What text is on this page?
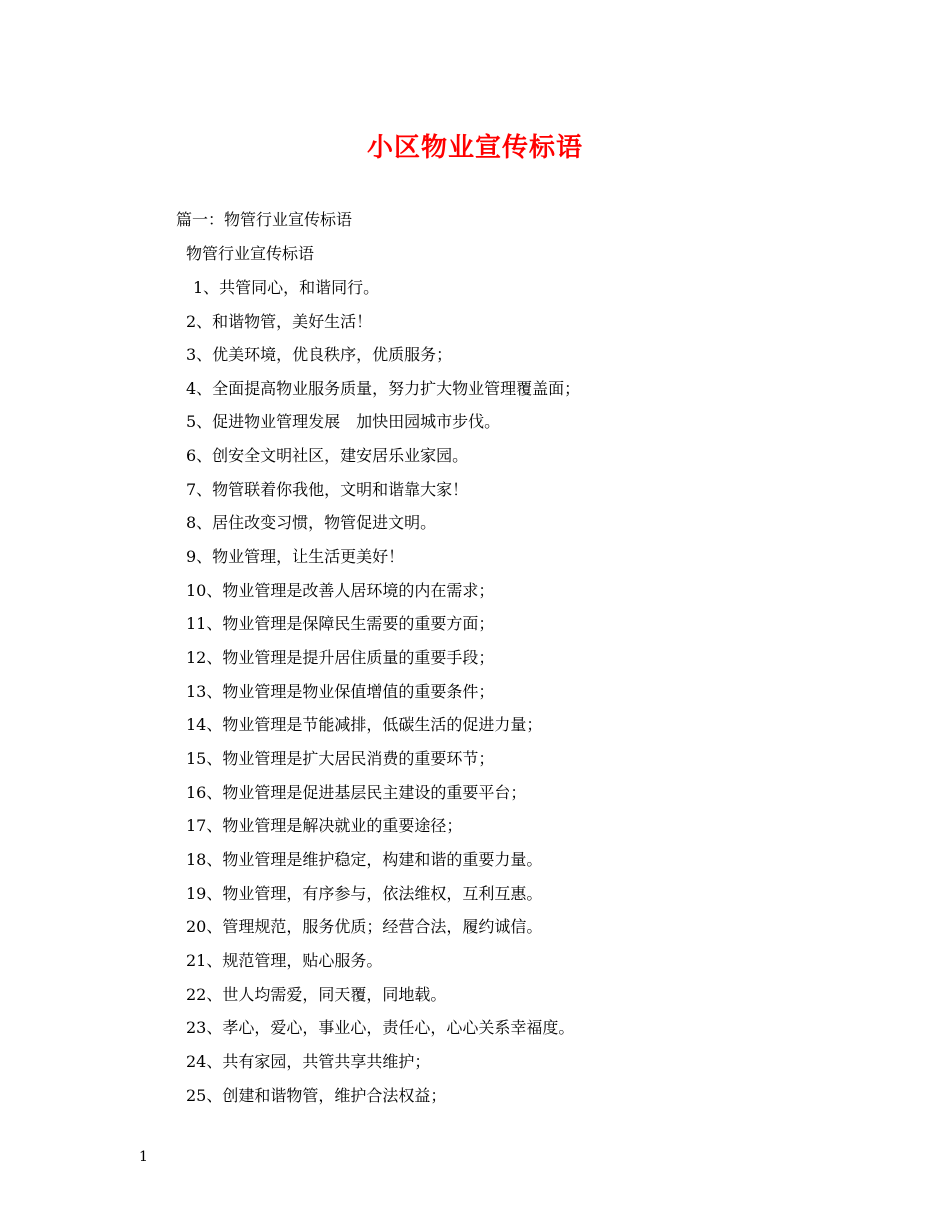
小区物业宣传标语
篇一：物管行业宣传标语
物管行业宣传标语
1、共管同心，和谐同行。
2、和谐物管，美好生活！
3、优美环境，优良秩序，优质服务；
4、全面提高物业服务质量，努力扩大物业管理覆盖面；
5、促进物业管理发展　加快田园城市步伐。
6、创安全文明社区，建安居乐业家园。
7、物管联着你我他，文明和谐靠大家！
8、居住改变习惯，物管促进文明。
9、物业管理，让生活更美好！
10、物业管理是改善人居环境的内在需求；
11、物业管理是保障民生需要的重要方面；
12、物业管理是提升居住质量的重要手段；
13、物业管理是物业保值增值的重要条件；
14、物业管理是节能减排，低碳生活的促进力量；
15、物业管理是扩大居民消费的重要环节；
16、物业管理是促进基层民主建设的重要平台；
17、物业管理是解决就业的重要途径；
18、物业管理是维护稳定，构建和谐的重要力量。
19、物业管理，有序参与，依法维权，互利互惠。
20、管理规范，服务优质；经营合法，履约诚信。
21、规范管理，贴心服务。
22、世人均需爱，同天覆，同地载。
23、孝心，爱心，事业心，责任心，心心关系幸福度。
24、共有家园，共管共享共维护；
25、创建和谐物管，维护合法权益；
1
